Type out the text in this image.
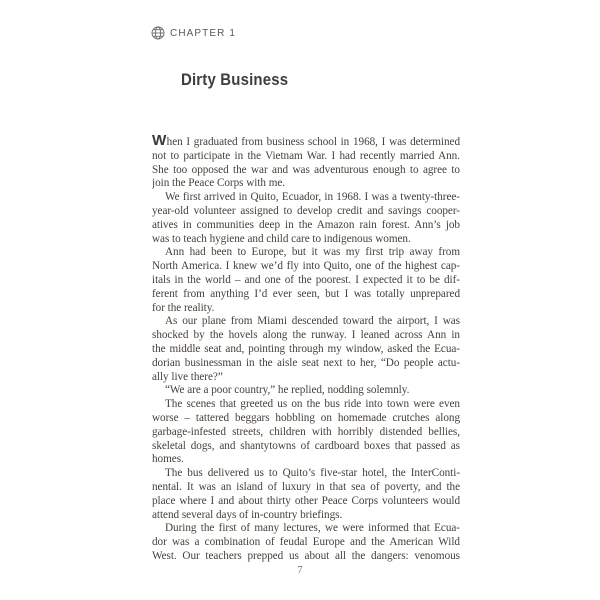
CHAPTER 1
Dirty Business
When I graduated from business school in 1968, I was determined
not to participate in the Vietnam War. I had recently married Ann.
She too opposed the war and was adventurous enough to agree to
join the Peace Corps with me.
We first arrived in Quito, Ecuador, in 1968. I was a twenty-three-
year-old volunteer assigned to develop credit and savings cooper-
atives in communities deep in the Amazon rain forest. Ann’s job
was to teach hygiene and child care to indigenous women.
Ann had been to Europe, but it was my first trip away from
North America. I knew we’d fly into Quito, one of the highest cap-
itals in the world – and one of the poorest. I expected it to be dif-
ferent from anything I’d ever seen, but I was totally unprepared
for the reality.
As our plane from Miami descended toward the airport, I was
shocked by the hovels along the runway. I leaned across Ann in
the middle seat and, pointing through my window, asked the Ecua-
dorian businessman in the aisle seat next to her, “Do people actu-
ally live there?”
“We are a poor country,” he replied, nodding solemnly.
The scenes that greeted us on the bus ride into town were even
worse – tattered beggars hobbling on homemade crutches along
garbage-infested streets, children with horribly distended bellies,
skeletal dogs, and shantytowns of cardboard boxes that passed as
homes.
The bus delivered us to Quito’s five-star hotel, the InterConti-
nental. It was an island of luxury in that sea of poverty, and the
place where I and about thirty other Peace Corps volunteers would
attend several days of in-country briefings.
During the first of many lectures, we were informed that Ecua-
dor was a combination of feudal Europe and the American Wild
West. Our teachers prepped us about all the dangers: venomous
7
